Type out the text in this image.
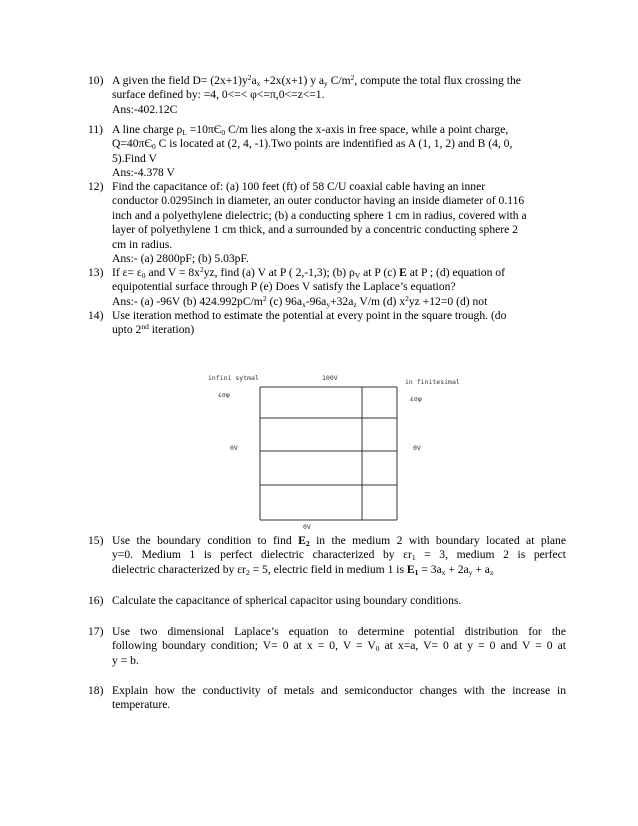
10) A given the field $D= (2x+1)y^2a_x +2x(x+1)$ y $a_y$ $C/m^2$, compute the total flux crossing the
surface defined by: =4, 0<=< φ<=π,0<=z<=1.
Ans:-402.12C
11) A line charge $\rho_L =10\pi Є_0$ C/m lies along the x-axis in free space, while a point charge,
$Q=40\pi Є_0$ C is located at (2, 4, -1).Two points are indentified as A (1, 1, 2) and B (4, 0,
5).Find V
Ans:-4.378 V
12) Find the capacitance of: (a) 100 feet (ft) of 58 C/U coaxial cable having an inner
conductor 0.0295inch in diameter, an outer conductor having an inside diameter of 0.116
inch and a polyethylene dielectric; (b) a conducting sphere 1 cm in radius, covered with a
layer of polyethylene 1 cm thick, and a surrounded by a concentric conducting sphere 2
cm in radius.
Ans:- (a) 2800pF; (b) 5.03pF.
13) If $\varepsilon= \varepsilon_0$ and $V = 8x^2yz$, find (a) V at P ( 2,-1,3); (b) $\rho_V$ at P (c) E at P ; (d) equation of
equipotential surface through P (e) Does V satisfy the Laplace’s equation?
Ans:- (a) -96V (b) $424.992pC/m^2$ (c) $96a_x-96a_y+32a_z$ V/m (d) $x^2yz +12=0$ (d) not
14) Use iteration method to estimate the potential at every point in the square trough. (do
upto 2nd iteration)
infini sytmal
εσφ
100V	in finitesimal
εσφ
0V	0V
0V
15) Use the boundary condition to find $E_2$ in the medium 2 with boundary located at plane
y=0. Medium 1 is perfect dielectric characterized by $\varepsilon r_1 = 3$, medium 2 is perfect
dielectric characterized by $\varepsilon r_2 = 5$, electric field in medium 1 is $E_1 = 3a_x + 2a_y + a_z$
16) Calculate the capacitance of spherical capacitor using boundary conditions.
17) Use two dimensional Laplace’s equation to determine potential distribution for the
following boundary condition; V= 0 at x = 0, $V = V_0$ at x=a, V= 0 at y = 0 and V = 0 at
y = b.
18) Explain how the conductivity of metals and semiconductor changes with the increase in
temperature.
